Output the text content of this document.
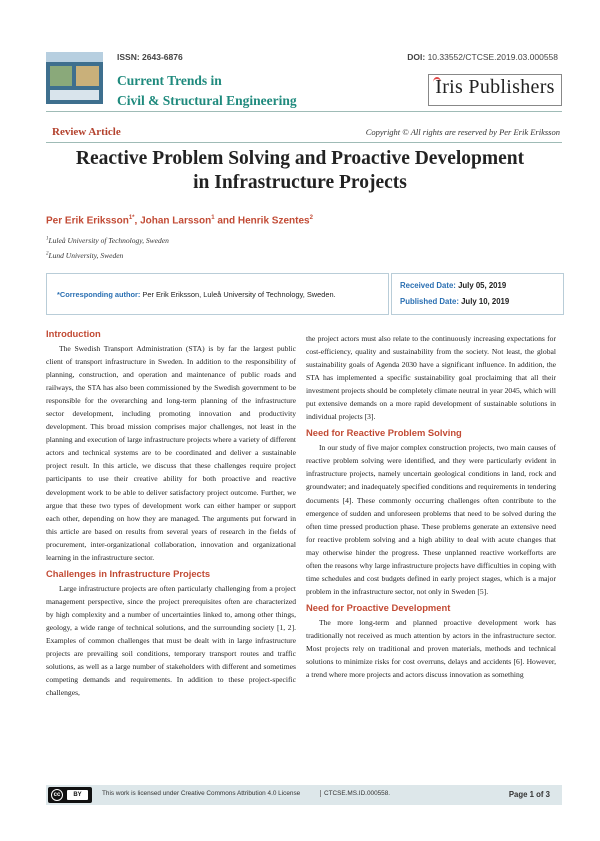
ISSN: 2643-6876
Current Trends in
Civil & Structural Engineering
DOI: 10.33552/CTCSE.2019.03.000558
Iris Publishers
Review Article	Copyright © All rights are reserved by Per Erik Eriksson
Reactive Problem Solving and Proactive Development
in Infrastructure Projects
Per Erik Eriksson$^{1*}$, Johan Larsson$^1$ and Henrik Szentes$^2$
$^1$Luleå University of Technology, Sweden
$^2$Lund University, Sweden
*Corresponding author: Per Erik Eriksson, Luleå University of Technology, Sweden.
Received Date: July 05, 2019
Published Date: July 10, 2019
Introduction

The Swedish Transport Administration (STA) is by far the largest public client of transport infrastructure in Sweden. In addition to the responsibility of planning, construction, and operation and maintenance of public roads and railways, the STA has also been commissioned by the Swedish government to be responsible for the overarching and long-term planning of the infrastructure sector development, including promoting innovation and productivity development. This broad mission comprises major challenges, not least in the planning and execution of large infrastructure projects where a variety of different actors and technical systems are to be coordinated and deliver a sustainable project result. In this article, we discuss that these challenges require project participants to use their creative ability for both proactive and reactive development work to be able to deliver satisfactory project outcome. Further, we argue that these two types of development work can either hamper or support each other, depending on how they are managed. The arguments put forward in this article are based on results from several years of research in the fields of procurement, inter-organizational collaboration, innovation and organizational learning in the infrastructure sector.

Challenges in Infrastructure Projects

Large infrastructure projects are often particularly challenging from a project management perspective, since the project prerequisites often are characterized by high complexity and a number of uncertainties linked to, among other things, geology, a wide range of technical solutions, and the surrounding society [1, 2]. Examples of common challenges that must be dealt with in large infrastructure projects are prevailing soil conditions, temporary transport routes and traffic solutions, as well as a large number of stakeholders with different and sometimes competing demands and requirements. In addition to these project-specific challenges,

the project actors must also relate to the continuously increasing expectations for cost-efficiency, quality and sustainability from the society. Not least, the global sustainability goals of Agenda 2030 have a significant influence. In addition, the STA has implemented a specific sustainability goal proclaiming that all their investment projects should be completely climate neutral in year 2045, which will put extensive demands on a more rapid development of sustainable solutions in individual projects [3].

Need for Reactive Problem Solving

In our study of five major complex construction projects, two main causes of reactive problem solving were identified, and they were particularly evident in infrastructure projects, namely uncertain geological conditions in land, rock and groundwater; and inadequately specified conditions and requirements in tendering documents [4]. These commonly occurring challenges often contribute to the emergence of sudden and unforeseen problems that need to be solved during the often time pressed production phase. These problems generate an extensive need for reactive problem solving and a high ability to deal with acute changes that may otherwise hinder the progress. These unplanned reactive workefforts are often the reasons why large infrastructure projects have difficulties in coping with time schedules and cost budgets defined in early project stages, which is a major problem in the infrastructure sector, not only in Sweden [5].

Need for Proactive Development

The more long-term and planned proactive development work has traditionally not received as much attention by actors in the infrastructure sector. Most projects rely on traditional and proven materials, methods and technical solutions to minimize risks for cost overruns, delays and accidents [6]. However, a trend where more projects and actors discuss innovation as something

cc	BY	This work is licensed under Creative Commons Attribution 4.0 License	CTCSE.MS.ID.000558.	Page 1 of 3
